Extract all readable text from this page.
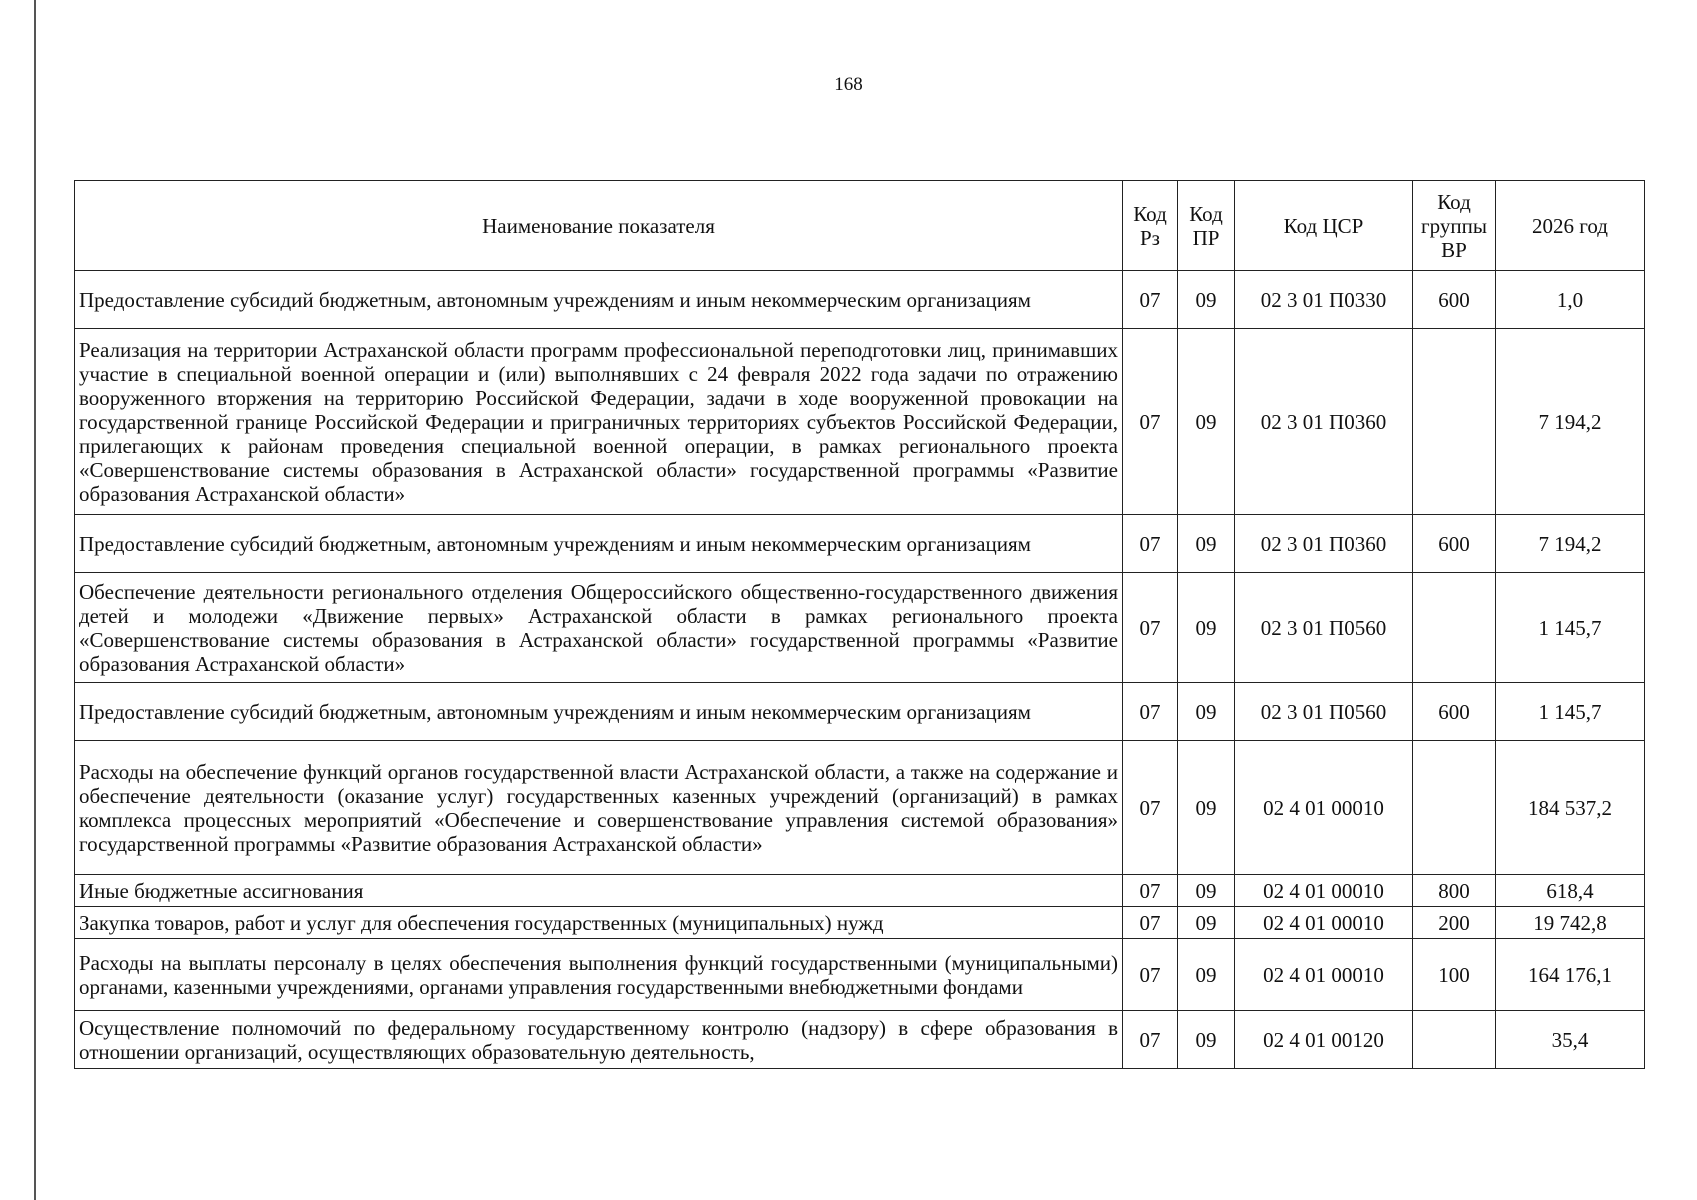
168
Наименование показателя	Код Рз	Код ПР	Код ЦСР	Код группы ВР	2026 год
Предоставление субсидий бюджетным, автономным учреждениям и иным некоммерческим организациям	07	09	02 3 01 П0330	600	1,0
Реализация на территории Астраханской области программ профессиональной переподготовки лиц, принимавших участие в специальной военной операции и (или) выполнявших с 24 февраля 2022 года задачи по отражению вооруженного вторжения на территорию Российской Федерации, задачи в ходе вооруженной провокации на государственной границе Российской Федерации и приграничных территориях субъектов Российской Федерации, прилегающих к районам проведения специальной военной операции, в рамках регионального проекта «Совершенствование системы образования в Астраханской области» государственной программы «Развитие образования Астраханской области»	07	09	02 3 01 П0360		7 194,2
Предоставление субсидий бюджетным, автономным учреждениям и иным некоммерческим организациям	07	09	02 3 01 П0360	600	7 194,2
Обеспечение деятельности регионального отделения Общероссийского общественно-государственного движения детей и молодежи «Движение первых» Астраханской области в рамках регионального проекта «Совершенствование системы образования в Астраханской области» государственной программы «Развитие образования Астраханской области»	07	09	02 3 01 П0560		1 145,7
Предоставление субсидий бюджетным, автономным учреждениям и иным некоммерческим организациям	07	09	02 3 01 П0560	600	1 145,7
Расходы на обеспечение функций органов государственной власти Астраханской области, а также на содержание и обеспечение деятельности (оказание услуг) государственных казенных учреждений (организаций) в рамках комплекса процессных мероприятий «Обеспечение и совершенствование управления системой образования» государственной программы «Развитие образования Астраханской области»	07	09	02 4 01 00010		184 537,2
Иные бюджетные ассигнования	07	09	02 4 01 00010	800	618,4
Закупка товаров, работ и услуг для обеспечения государственных (муниципальных) нужд	07	09	02 4 01 00010	200	19 742,8
Расходы на выплаты персоналу в целях обеспечения выполнения функций государственными (муниципальными) органами, казенными учреждениями, органами управления государственными внебюджетными фондами	07	09	02 4 01 00010	100	164 176,1
Осуществление полномочий по федеральному государственному контролю (надзору) в сфере образования в отношении организаций, осуществляющих образовательную деятельность,	07	09	02 4 01 00120		35,4
